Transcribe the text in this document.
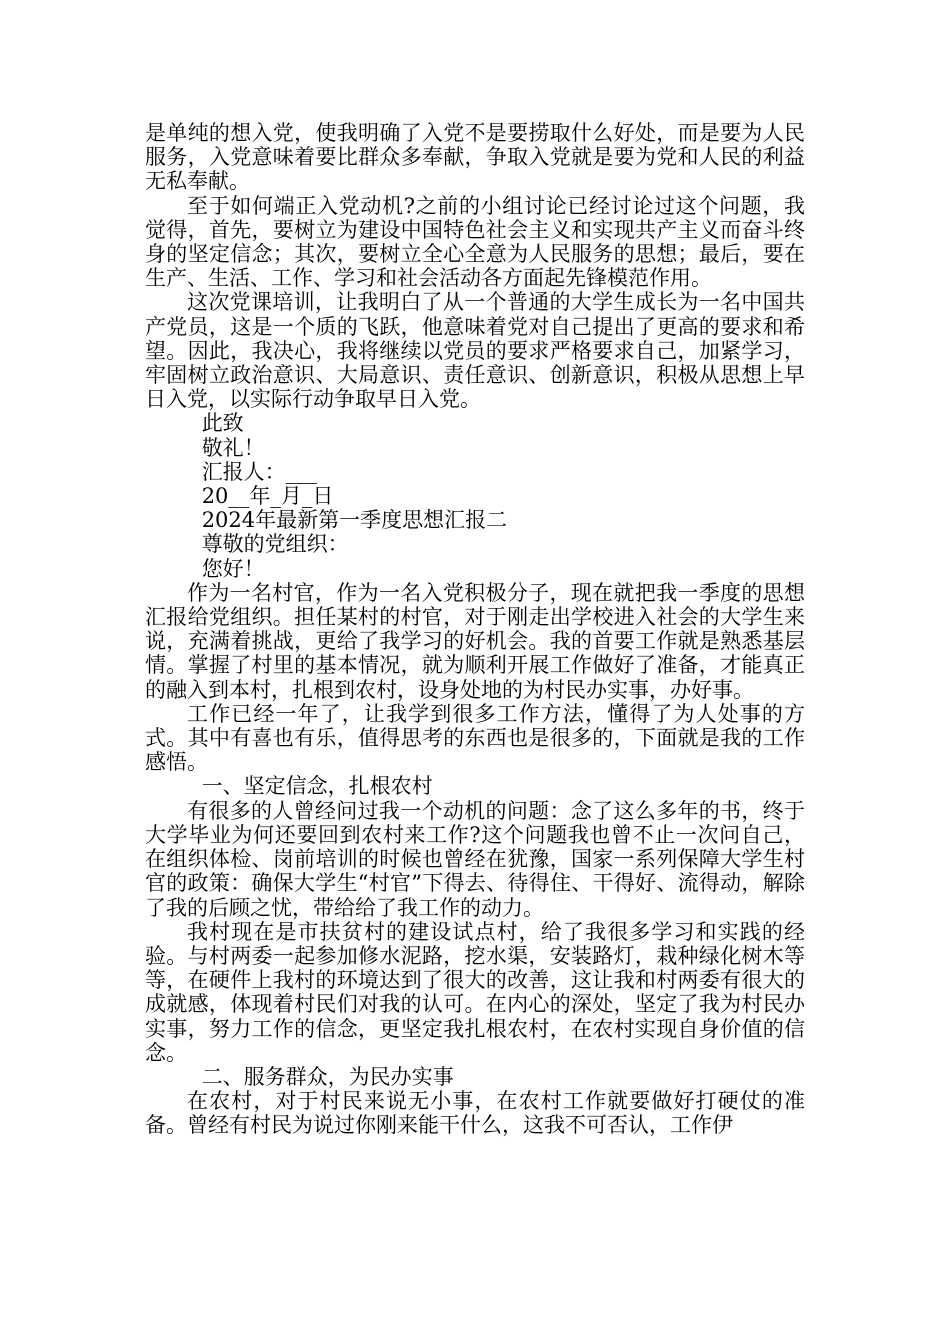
是单纯的想入党，使我明确了入党不是要捞取什么好处，而是要为人民服务，入党意味着要比群众多奉献，争取入党就是要为党和人民的利益无私奉献。

至于如何端正入党动机?之前的小组讨论已经讨论过这个问题，我觉得，首先，要树立为建设中国特色社会主义和实现共产主义而奋斗终身的坚定信念；其次，要树立全心全意为人民服务的思想；最后，要在生产、生活、工作、学习和社会活动各方面起先锋模范作用。

这次党课培训，让我明白了从一个普通的大学生成长为一名中国共产党员，这是一个质的飞跃，他意味着党对自己提出了更高的要求和希望。因此，我决心，我将继续以党员的要求严格要求自己，加紧学习，牢固树立政治意识、大局意识、责任意识、创新意识，积极从思想上早日入党，以实际行动争取早日入党。

此致

敬礼！

汇报人：___

20__年_月_日

2024年最新第一季度思想汇报二

尊敬的党组织：

您好！

作为一名村官，作为一名入党积极分子，现在就把我一季度的思想汇报给党组织。担任某村的村官，对于刚走出学校进入社会的大学生来说，充满着挑战，更给了我学习的好机会。我的首要工作就是熟悉基层情。掌握了村里的基本情况，就为顺利开展工作做好了准备，才能真正的融入到本村，扎根到农村，设身处地的为村民办实事，办好事。

工作已经一年了，让我学到很多工作方法，懂得了为人处事的方式。其中有喜也有乐，值得思考的东西也是很多的，下面就是我的工作感悟。

一、坚定信念，扎根农村

有很多的人曾经问过我一个动机的问题：念了这么多年的书，终于大学毕业为何还要回到农村来工作?这个问题我也曾不止一次问自己，在组织体检、岗前培训的时候也曾经在犹豫，国家一系列保障大学生村官的政策：确保大学生“村官”下得去、待得住、干得好、流得动，解除了我的后顾之忧，带给给了我工作的动力。

我村现在是市扶贫村的建设试点村，给了我很多学习和实践的经验。与村两委一起参加修水泥路，挖水渠，安装路灯，栽种绿化树木等等，在硬件上我村的环境达到了很大的改善，这让我和村两委有很大的成就感，体现着村民们对我的认可。在内心的深处，坚定了我为村民办实事，努力工作的信念，更坚定我扎根农村，在农村实现自身价值的信念。

二、服务群众，为民办实事

在农村，对于村民来说无小事，在农村工作就要做好打硬仗的准备。曾经有村民为说过你刚来能干什么，这我不可否认，工作伊
